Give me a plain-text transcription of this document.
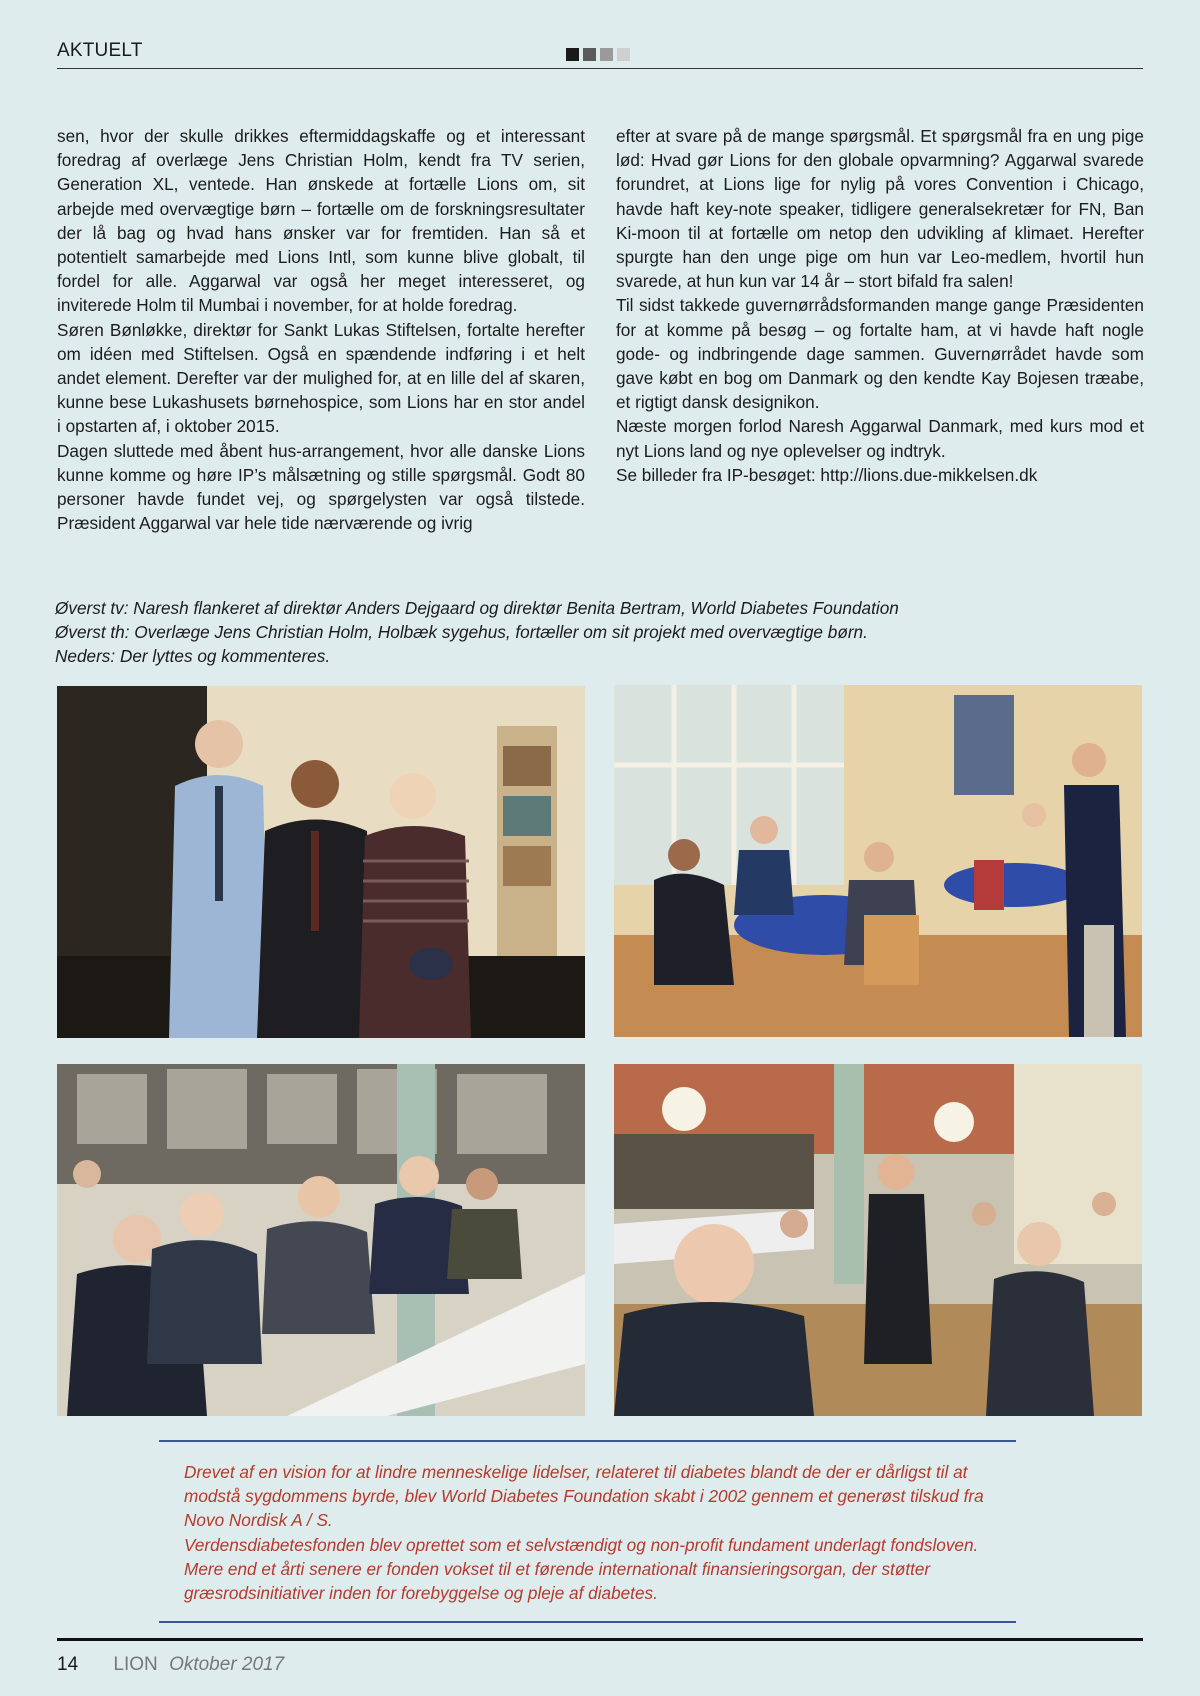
AKTUELT

sen, hvor der skulle drikkes eftermiddagskaffe og et interessant foredrag af overlæge Jens Christian Holm, kendt fra TV serien, Generation XL, ventede. Han ønskede at fortælle Lions om, sit arbejde med overvægtige børn – fortælle om de forskningsresultater der lå bag og hvad hans ønsker var for fremtiden. Han så et potentielt samarbejde med Lions Intl, som kunne blive globalt, til fordel for alle. Aggarwal var også her meget interesseret, og inviterede Holm til Mumbai i november, for at holde foredrag.

Søren Bønløkke, direktør for Sankt Lukas Stiftelsen, fortalte herefter om idéen med Stiftelsen. Også en spændende indføring i et helt andet element. Derefter var der mulighed for, at en lille del af skaren, kunne bese Lukashusets børnehospice, som Lions har en stor andel i opstarten af, i oktober 2015.

Dagen sluttede med åbent hus-arrangement, hvor alle danske Lions kunne komme og høre IP’s målsætning og stille spørgsmål. Godt 80 personer havde fundet vej, og spørgelysten var også tilstede. Præsident Aggarwal var hele tide nærværende og ivrig

efter at svare på de mange spørgsmål. Et spørgsmål fra en ung pige lød: Hvad gør Lions for den globale opvarmning? Aggarwal svarede forundret, at Lions lige for nylig på vores Convention i Chicago, havde haft key-note speaker, tidligere generalsekretær for FN, Ban Ki-moon til at fortælle om netop den udvikling af klimaet. Herefter spurgte han den unge pige om hun var Leo-medlem, hvortil hun svarede, at hun kun var 14 år – stort bifald fra salen!

Til sidst takkede guvernørrådsformanden mange gange Præsidenten for at komme på besøg – og fortalte ham, at vi havde haft nogle gode- og indbringende dage sammen. Guvernørrådet havde som gave købt en bog om Danmark og den kendte Kay Bojesen træabe, et rigtigt dansk designikon.

Næste morgen forlod Naresh Aggarwal Danmark, med kurs mod et nyt Lions land og nye oplevelser og indtryk.

Se billeder fra IP-besøget: http://lions.due-mikkelsen.dk

Øverst tv: Naresh flankeret af direktør Anders Dejgaard og direktør Benita Bertram, World Diabetes Foundation
Øverst th: Overlæge Jens Christian Holm, Holbæk sygehus, fortæller om sit projekt med overvægtige børn.
Neders: Der lyttes og kommenteres.

Drevet af en vision for at lindre menneskelige lidelser, relateret til diabetes blandt de der er dårligst til at modstå sygdommens byrde, blev World Diabetes Foundation skabt i 2002 gennem et generøst tilskud fra Novo Nordisk A / S.

Verdensdiabetesfonden blev oprettet som et selvstændigt og non-profit fundament underlagt fondsloven. Mere end et årti senere er fonden vokset til et førende internationalt finansieringsorgan, der støtter græsrodsinitiativer inden for forebyggelse og pleje af diabetes.

14 LION Oktober 2017
